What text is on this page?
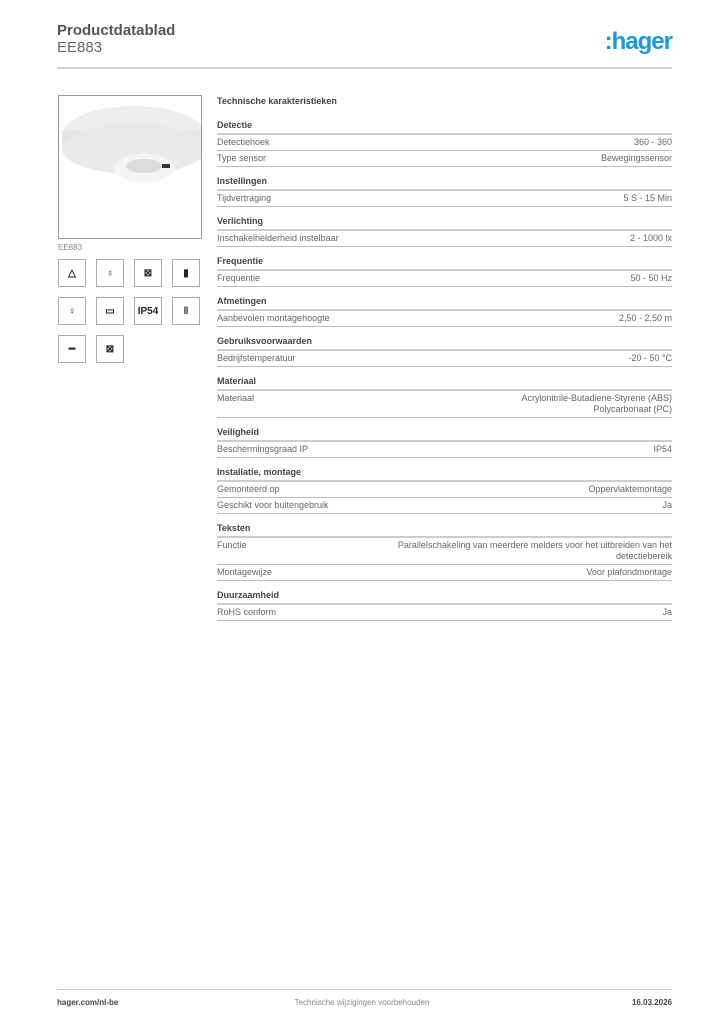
Productdatablad
EE883	:hager
EE883
△	♁	⊠	▮
♀	▭	IP54	‖
━	⊠
Technische karakteristieken
Detectie
Detectiehoek	360 - 360
Type sensor	Bewegingssensor
Instellingen
Tijdvertraging	5 S - 15 Min
Verlichting
Inschakelhelderheid instelbaar	2 - 1000 lx
Frequentie
Frequentie	50 - 50 Hz
Afmetingen
Aanbevolen montagehoogte	2,50 - 2,50 m
Gebruiksvoorwaarden
Bedrijfstemperatuur	-20 - 50 °C
Materiaal
Materiaal	Acrylonitrile-Butadiene-Styrene (ABS)
Polycarbonaat (PC)
Veiligheid
Beschermingsgraad IP	IP54
Installatie, montage
Gemonteerd op	Oppervlaktemontage
Geschikt voor buitengebruik	Ja
Teksten
Functie	Parallelschakeling van meerdere melders voor het uitbreiden van het detectiebereik
Montagewijze	Voor plafondmontage
Duurzaamheid
RoHS conform	Ja
hager.com/nl-be	Technische wijzigingen voorbehouden	16.03.2026
